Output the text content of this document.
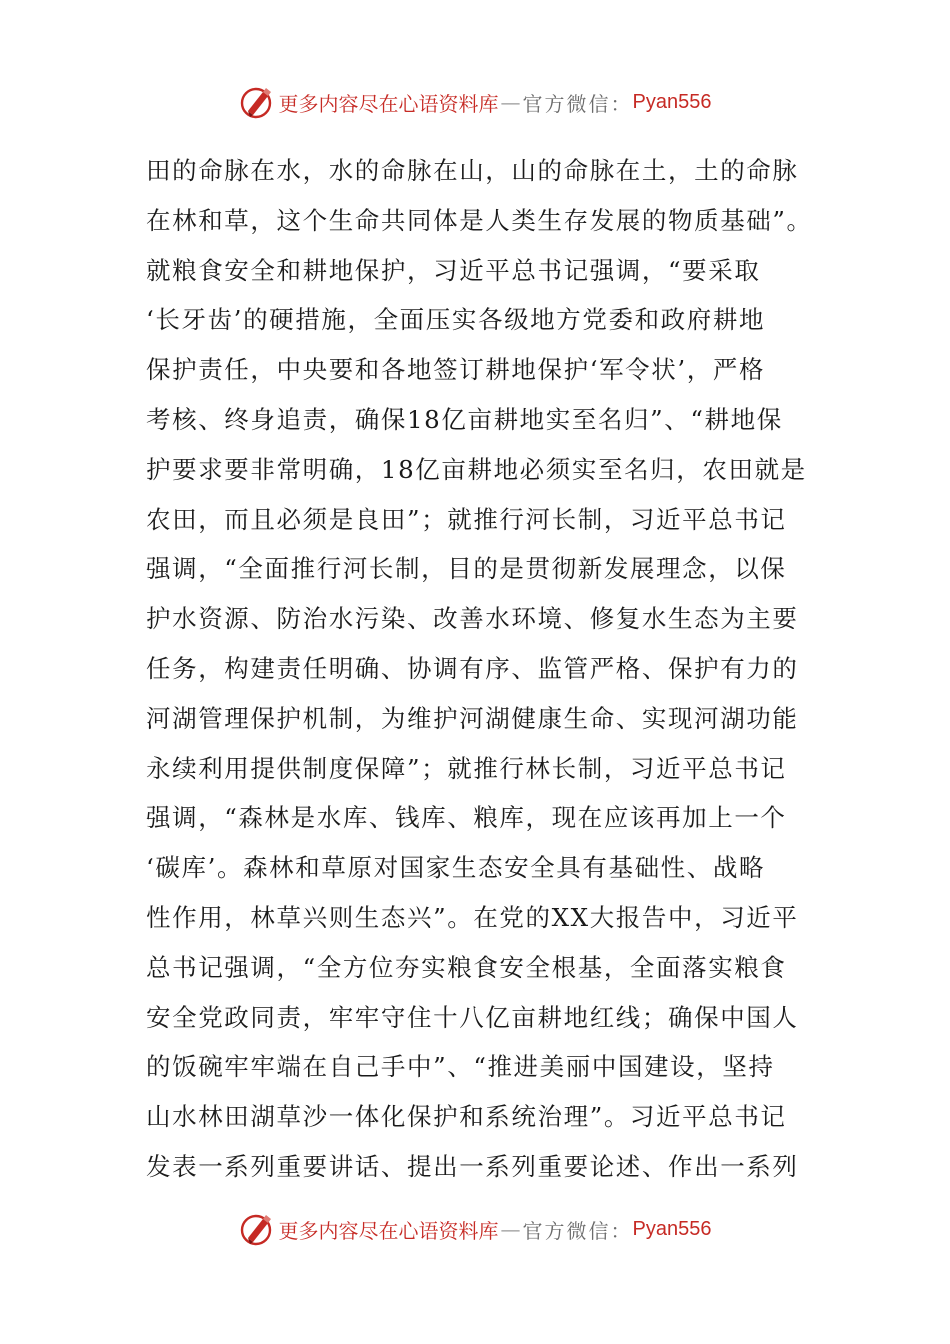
更多内容尽在心语资料库 — 官方微信： Pyan556
田的命脉在水，水的命脉在山，山的命脉在土，土的命脉
在林和草，这个生命共同体是人类生存发展的物质基础”。
就粮食安全和耕地保护，习近平总书记强调，“要采取
‘长牙齿’的硬措施，全面压实各级地方党委和政府耕地
保护责任，中央要和各地签订耕地保护‘军令状’，严格
考核、终身追责，确保18亿亩耕地实至名归”、“耕地保
护要求要非常明确，18亿亩耕地必须实至名归，农田就是
农田，而且必须是良田”；就推行河长制，习近平总书记
强调，“全面推行河长制，目的是贯彻新发展理念，以保
护水资源、防治水污染、改善水环境、修复水生态为主要
任务，构建责任明确、协调有序、监管严格、保护有力的
河湖管理保护机制，为维护河湖健康生命、实现河湖功能
永续利用提供制度保障”；就推行林长制，习近平总书记
强调，“森林是水库、钱库、粮库，现在应该再加上一个
‘碳库’。森林和草原对国家生态安全具有基础性、战略
性作用，林草兴则生态兴”。在党的XX大报告中，习近平
总书记强调，“全方位夯实粮食安全根基，全面落实粮食
安全党政同责，牢牢守住十八亿亩耕地红线；确保中国人
的饭碗牢牢端在自己手中”、“推进美丽中国建设，坚持
山水林田湖草沙一体化保护和系统治理”。习近平总书记
发表一系列重要讲话、提出一系列重要论述、作出一系列
更多内容尽在心语资料库 — 官方微信： Pyan556
